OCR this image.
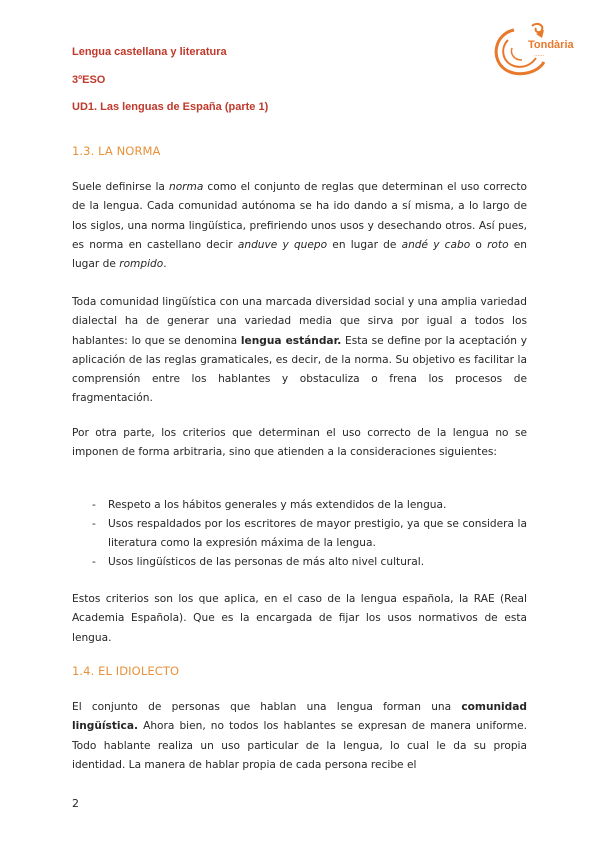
Lengua castellana y literatura
3ºESO
UD1. Las lenguas de España (parte 1)
Tondària
......
1.3. LA NORMA
Suele definirse la norma como el conjunto de reglas que determinan el uso correcto de la lengua. Cada comunidad autónoma se ha ido dando a sí misma, a lo largo de los siglos, una norma lingüística, prefiriendo unos usos y desechando otros. Así pues, es norma en castellano decir anduve y quepo en lugar de andé y cabo o roto en lugar de rompido.
Toda comunidad lingüística con una marcada diversidad social y una amplia variedad dialectal ha de generar una variedad media que sirva por igual a todos los hablantes: lo que se denomina lengua estándar. Esta se define por la aceptación y aplicación de las reglas gramaticales, es decir, de la norma. Su objetivo es facilitar la comprensión entre los hablantes y obstaculiza o frena los procesos de fragmentación.
Por otra parte, los criterios que determinan el uso correcto de la lengua no se imponen de forma arbitraria, sino que atienden a la consideraciones siguientes:
- Respeto a los hábitos generales y más extendidos de la lengua.
- Usos respaldados por los escritores de mayor prestigio, ya que se considera la literatura como la expresión máxima de la lengua.
- Usos lingüísticos de las personas de más alto nivel cultural.
Estos criterios son los que aplica, en el caso de la lengua española, la RAE (Real Academia Española). Que es la encargada de fijar los usos normativos de esta lengua.
1.4. EL IDIOLECTO
El conjunto de personas que hablan una lengua forman una comunidad lingüística. Ahora bien, no todos los hablantes se expresan de manera uniforme. Todo hablante realiza un uso particular de la lengua, lo cual le da su propia identidad. La manera de hablar propia de cada persona recibe el
2
